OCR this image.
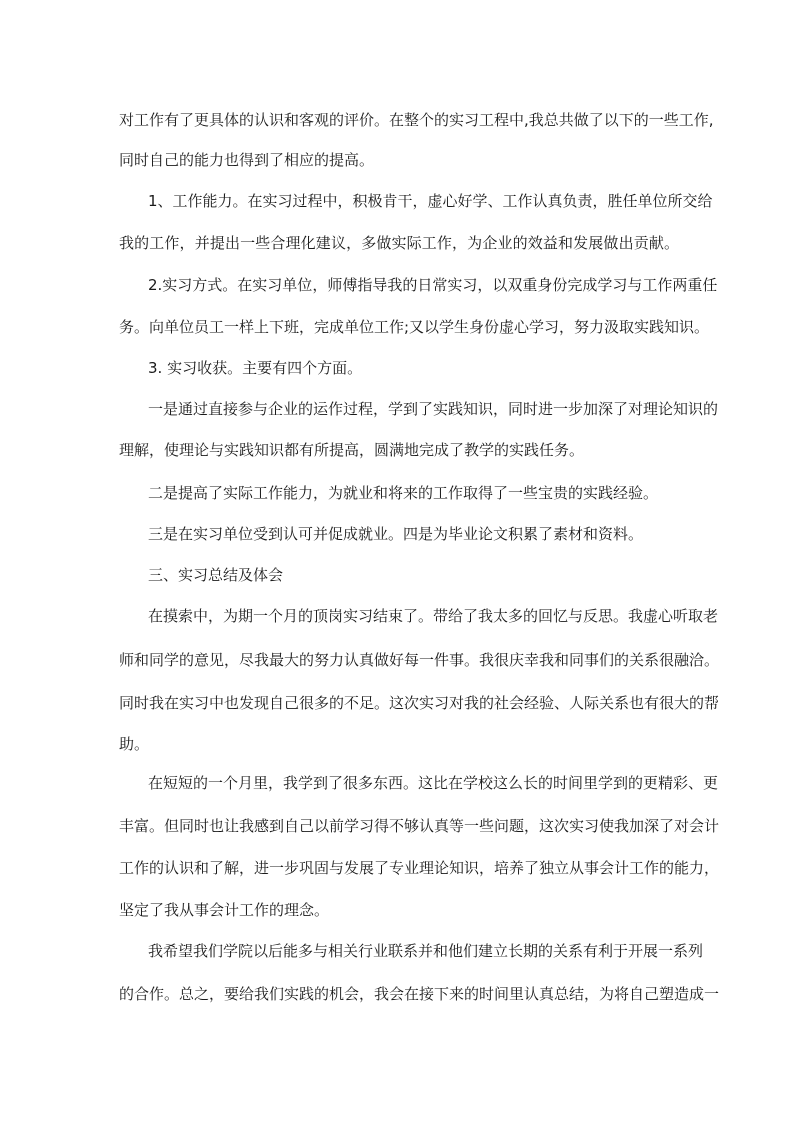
对工作有了更具体的认识和客观的评价。在整个的实习工程中,我总共做了以下的一些工作,
同时自己的能力也得到了相应的提高。
1、工作能力。在实习过程中，积极肯干，虚心好学、工作认真负责，胜任单位所交给
我的工作，并提出一些合理化建议，多做实际工作，为企业的效益和发展做出贡献。
2.实习方式。在实习单位，师傅指导我的日常实习，以双重身份完成学习与工作两重任
务。向单位员工一样上下班，完成单位工作;又以学生身份虚心学习，努力汲取实践知识。
3. 实习收获。主要有四个方面。
一是通过直接参与企业的运作过程，学到了实践知识，同时进一步加深了对理论知识的
理解，使理论与实践知识都有所提高，圆满地完成了教学的实践任务。
二是提高了实际工作能力，为就业和将来的工作取得了一些宝贵的实践经验。
三是在实习单位受到认可并促成就业。四是为毕业论文积累了素材和资料。
三、实习总结及体会
在摸索中，为期一个月的顶岗实习结束了。带给了我太多的回忆与反思。我虚心听取老
师和同学的意见，尽我最大的努力认真做好每一件事。我很庆幸我和同事们的关系很融洽。
同时我在实习中也发现自己很多的不足。这次实习对我的社会经验、人际关系也有很大的帮
助。
在短短的一个月里，我学到了很多东西。这比在学校这么长的时间里学到的更精彩、更
丰富。但同时也让我感到自己以前学习得不够认真等一些问题，这次实习使我加深了对会计
工作的认识和了解，进一步巩固与发展了专业理论知识，培养了独立从事会计工作的能力，
坚定了我从事会计工作的理念。
我希望我们学院以后能多与相关行业联系并和他们建立长期的关系有利于开展一系列
的合作。总之，要给我们实践的机会，我会在接下来的时间里认真总结，为将自己塑造成一
